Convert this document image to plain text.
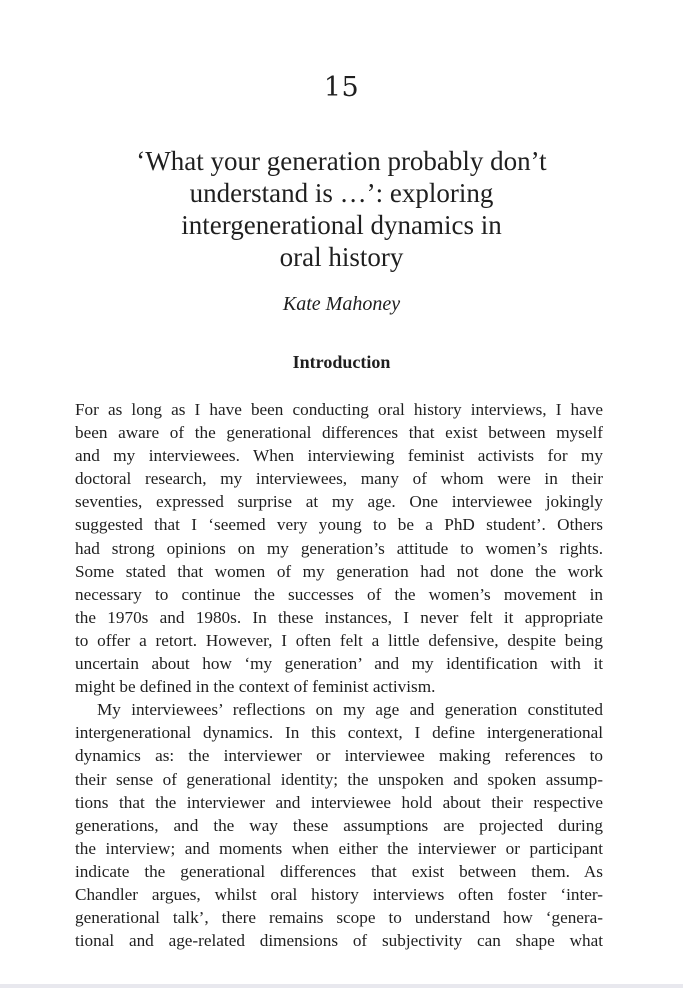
15
‘What your generation probably don’t
understand is …’: exploring
intergenerational dynamics in
oral history
Kate Mahoney
Introduction
For as long as I have been conducting oral history interviews, I have
been aware of the generational differences that exist between myself
and my interviewees. When interviewing feminist activists for my
doctoral research, my interviewees, many of whom were in their
seventies, expressed surprise at my age. One interviewee jokingly
suggested that I ‘seemed very young to be a PhD student’. Others
had strong opinions on my generation’s attitude to women’s rights.
Some stated that women of my generation had not done the work
necessary to continue the successes of the women’s movement in
the 1970s and 1980s. In these instances, I never felt it appropriate
to offer a retort. However, I often felt a little defensive, despite being
uncertain about how ‘my generation’ and my identification with it
might be defined in the context of feminist activism.
My interviewees’ reflections on my age and generation constituted
intergenerational dynamics. In this context, I define intergenerational
dynamics as: the interviewer or interviewee making references to
their sense of generational identity; the unspoken and spoken assump-
tions that the interviewer and interviewee hold about their respective
generations, and the way these assumptions are projected during
the interview; and moments when either the interviewer or participant
indicate the generational differences that exist between them. As
Chandler argues, whilst oral history interviews often foster ‘inter-
generational talk’, there remains scope to understand how ‘genera-
tional and age-related dimensions of subjectivity can shape what
